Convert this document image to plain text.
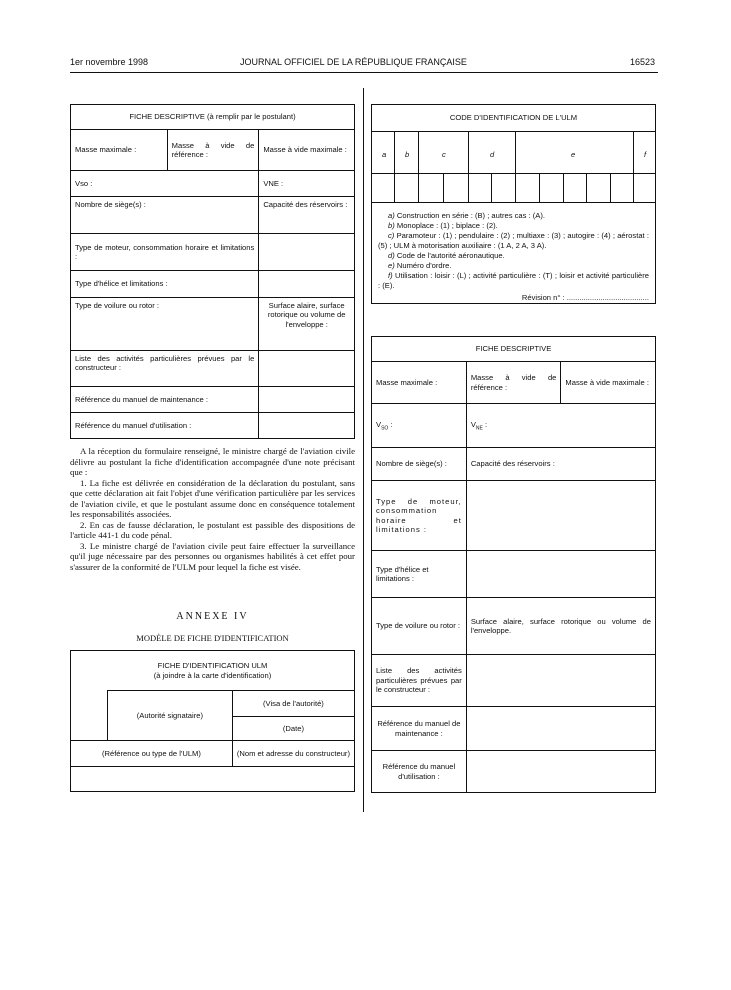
1er novembre 1998	JOURNAL OFFICIEL DE LA RÉPUBLIQUE FRANÇAISE	16523
FICHE DESCRIPTIVE (à remplir par le postulant)		
Masse maximale :	Masse à vide de référence :	Masse à vide maximale :
Vso :		VNE :
Nombre de siège(s) :		Capacité des réservoirs :
Type de moteur, consommation horaire et limitations :		
Type d'hélice et limitations :		
Type de voilure ou rotor :		Surface alaire, surface rotorique ou volume de l'enveloppe :
Liste des activités particulières prévues par le constructeur :		
Référence du manuel de maintenance :		
Référence du manuel d'utilisation :		

A la réception du formulaire renseigné, le ministre chargé de l'aviation civile délivre au postulant la fiche d'identification accompagnée d'une note précisant que :

1. La fiche est délivrée en considération de la déclaration du postulant, sans que cette déclaration ait fait l'objet d'une vérification particulière par les services de l'aviation civile, et que le postulant assume donc en conséquence totalement les responsabilités associées.

2. En cas de fausse déclaration, le postulant est passible des dispositions de l'article 441-1 du code pénal.

3. Le ministre chargé de l'aviation civile peut faire effectuer la surveillance qu'il juge nécessaire par des personnes ou organismes habilités à cet effet pour s'assurer de la conformité de l'ULM pour lequel la fiche est visée.

ANNEXE IV
MODÈLE DE FICHE D'IDENTIFICATION
FICHE D'IDENTIFICATION ULM
(à joindre à la carte d'identification)		

	(Autorité signataire)	(Visa de l'autorité)
		(Date)
(Référence ou type de l'ULM)		(Nom et adresse du constructeur)

CODE D'IDENTIFICATION DE L'ULM
a b	c	d	e	f

a) Construction en série : (B) ; autres cas : (A).

b) Monoplace : (1) ; biplace : (2).

c) Paramoteur : (1) ; pendulaire : (2) ; multiaxe : (3) ; autogire : (4) ; aérostat : (5) ; ULM à motorisation auxiliaire : (1 A, 2 A, 3 A).

d) Code de l'autorité aéronautique.

e) Numéro d'ordre.

f) Utilisation : loisir : (L) ; activité particulière : (T) ; loisir et activité particulière : (E).

Révision n° : .......................................
FICHE DESCRIPTIVE		
Masse maximale :	Masse à vide de référence :	Masse à vide maximale :
$V_{SO}$ :	$V_{NE}$ :	
Nombre de siège(s) :	Capacité des réservoirs :	
Type de moteur, consommation horaire et limitations :		
Type d'hélice et limitations :		
Type de voilure ou rotor :	Surface alaire, surface rotorique ou volume de l'enveloppe.	
Liste des activités particulières prévues par le constructeur :		
Référence du manuel de maintenance :		
Référence du manuel d'utilisation :		
